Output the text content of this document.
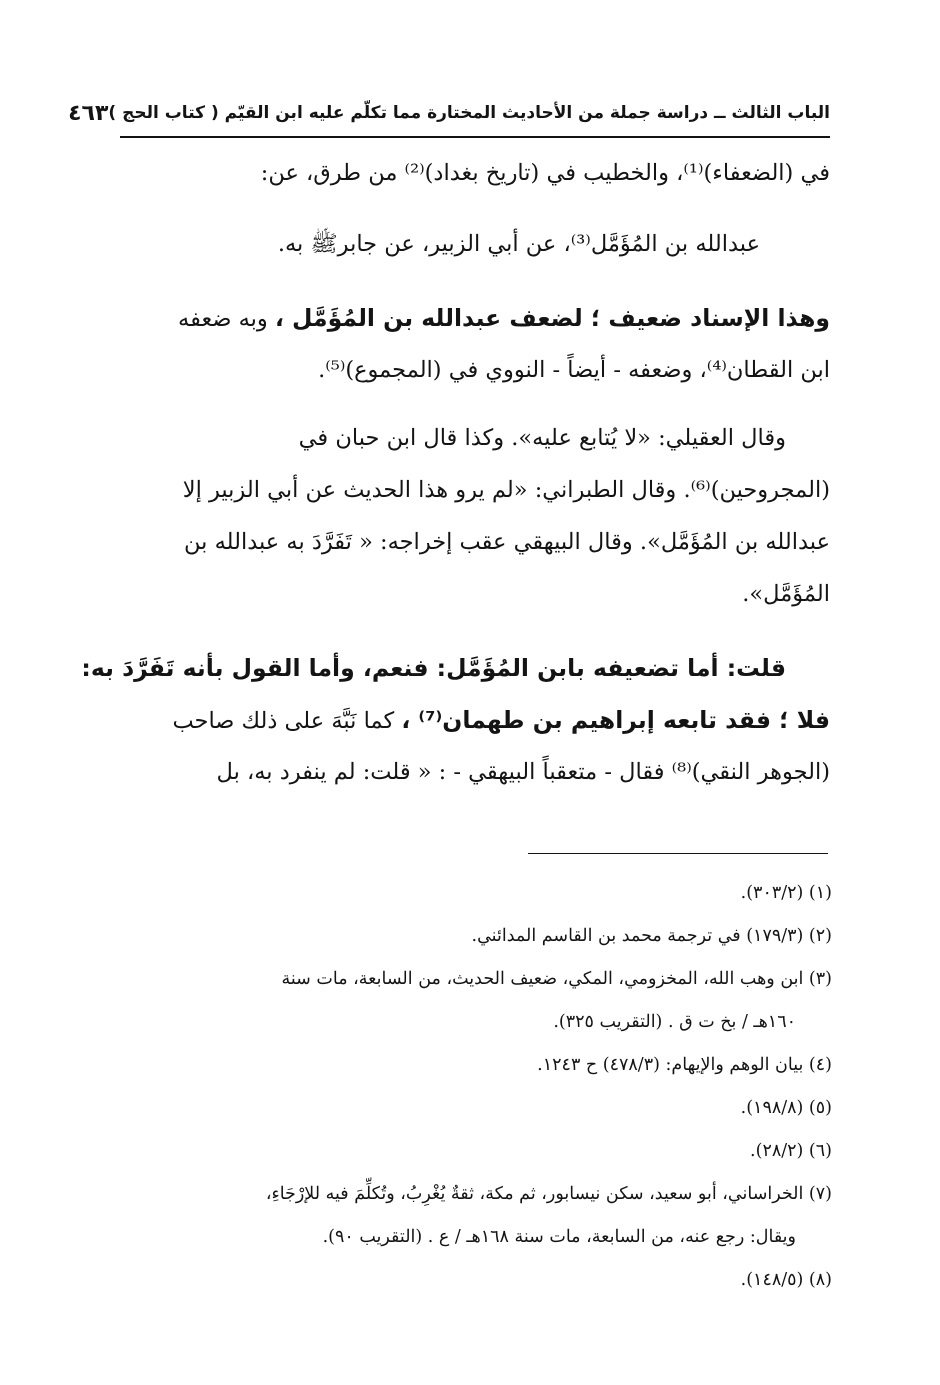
الباب الثالث ــ دراسة جملة من الأحاديث المختارة مما تكلّم عليه ابن القيّم ( كتاب الحج )
٤٦٣
في (الضعفاء)⁽¹⁾، والخطيب في (تاريخ بغداد)⁽²⁾ من طرق، عن:
عبدالله بن المُؤَمَّل⁽³⁾، عن أبي الزبير، عن جابرﷺ به.
وهذا الإسناد ضعيف ؛ لضعف عبدالله بن المُؤَمَّل ، وبه ضعفه
ابن القطان⁽⁴⁾، وضعفه - أيضاً - النووي في (المجموع)⁽⁵⁾.
وقال العقيلي: «لا يُتابع عليه». وكذا قال ابن حبان في
(المجروحين)⁽⁶⁾. وقال الطبراني: «لم يرو هذا الحديث عن أبي الزبير إلا
عبدالله بن المُؤَمَّل». وقال البيهقي عقب إخراجه: « تَفَرَّدَ به عبدالله بن
المُؤَمَّل».
قلت: أما تضعيفه بابن المُؤَمَّل: فنعم، وأما القول بأنه تَفَرَّدَ به:
فلا ؛ فقد تابعه إبراهيم بن طهمان⁽⁷⁾ ، كما نَبَّهَ على ذلك صاحب
(الجوهر النقي)⁽⁸⁾ فقال - متعقباً البيهقي - : « قلت: لم ينفرد به، بل
(١) (٣٠٣/٢).
(٢) (١٧٩/٣) في ترجمة محمد بن القاسم المدائني.
(٣) ابن وهب الله، المخزومي، المكي، ضعيف الحديث، من السابعة، مات سنة
١٦٠هـ / بخ ت ق . (التقريب ٣٢٥).
(٤) بيان الوهم والإيهام: (٤٧٨/٣) ح ١٢٤٣.
(٥) (١٩٨/٨).
(٦) (٢٨/٢).
(٧) الخراساني، أبو سعيد، سكن نيسابور، ثم مكة، ثقةٌ يُغْرِبُ، وتُكلِّمَ فيه للإرْجَاءِ،
ويقال: رجع عنه، من السابعة، مات سنة ١٦٨هـ / ع . (التقريب ٩٠).
(٨) (١٤٨/٥).
